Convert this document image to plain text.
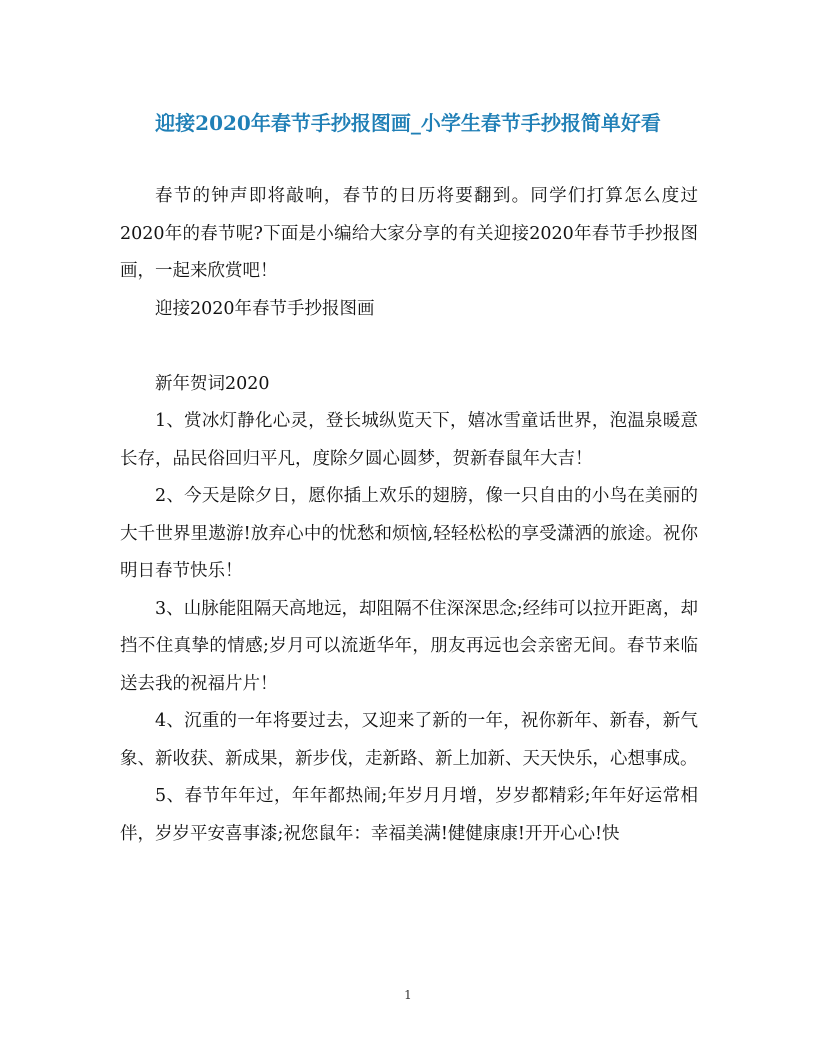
迎接2020年春节手抄报图画_小学生春节手抄报简单好看

春节的钟声即将敲响，春节的日历将要翻到。同学们打算怎么度过2020年的春节呢?下面是小编给大家分享的有关迎接2020年春节手抄报图画，一起来欣赏吧！

迎接2020年春节手抄报图画

新年贺词2020

1、赏冰灯静化心灵，登长城纵览天下，嬉冰雪童话世界，泡温泉暖意长存，品民俗回归平凡，度除夕圆心圆梦，贺新春鼠年大吉！

2、今天是除夕日，愿你插上欢乐的翅膀，像一只自由的小鸟在美丽的大千世界里遨游!放弃心中的忧愁和烦恼,轻轻松松的享受潇洒的旅途。祝你明日春节快乐！

3、山脉能阻隔天高地远，却阻隔不住深深思念;经纬可以拉开距离，却挡不住真挚的情感;岁月可以流逝华年，朋友再远也会亲密无间。春节来临送去我的祝福片片！

4、沉重的一年将要过去，又迎来了新的一年，祝你新年、新春，新气象、新收获、新成果，新步伐，走新路、新上加新、天天快乐，心想事成。

5、春节年年过，年年都热闹;年岁月月增，岁岁都精彩;年年好运常相伴，岁岁平安喜事漆;祝您鼠年：幸福美满!健健康康!开开心心!快

1
